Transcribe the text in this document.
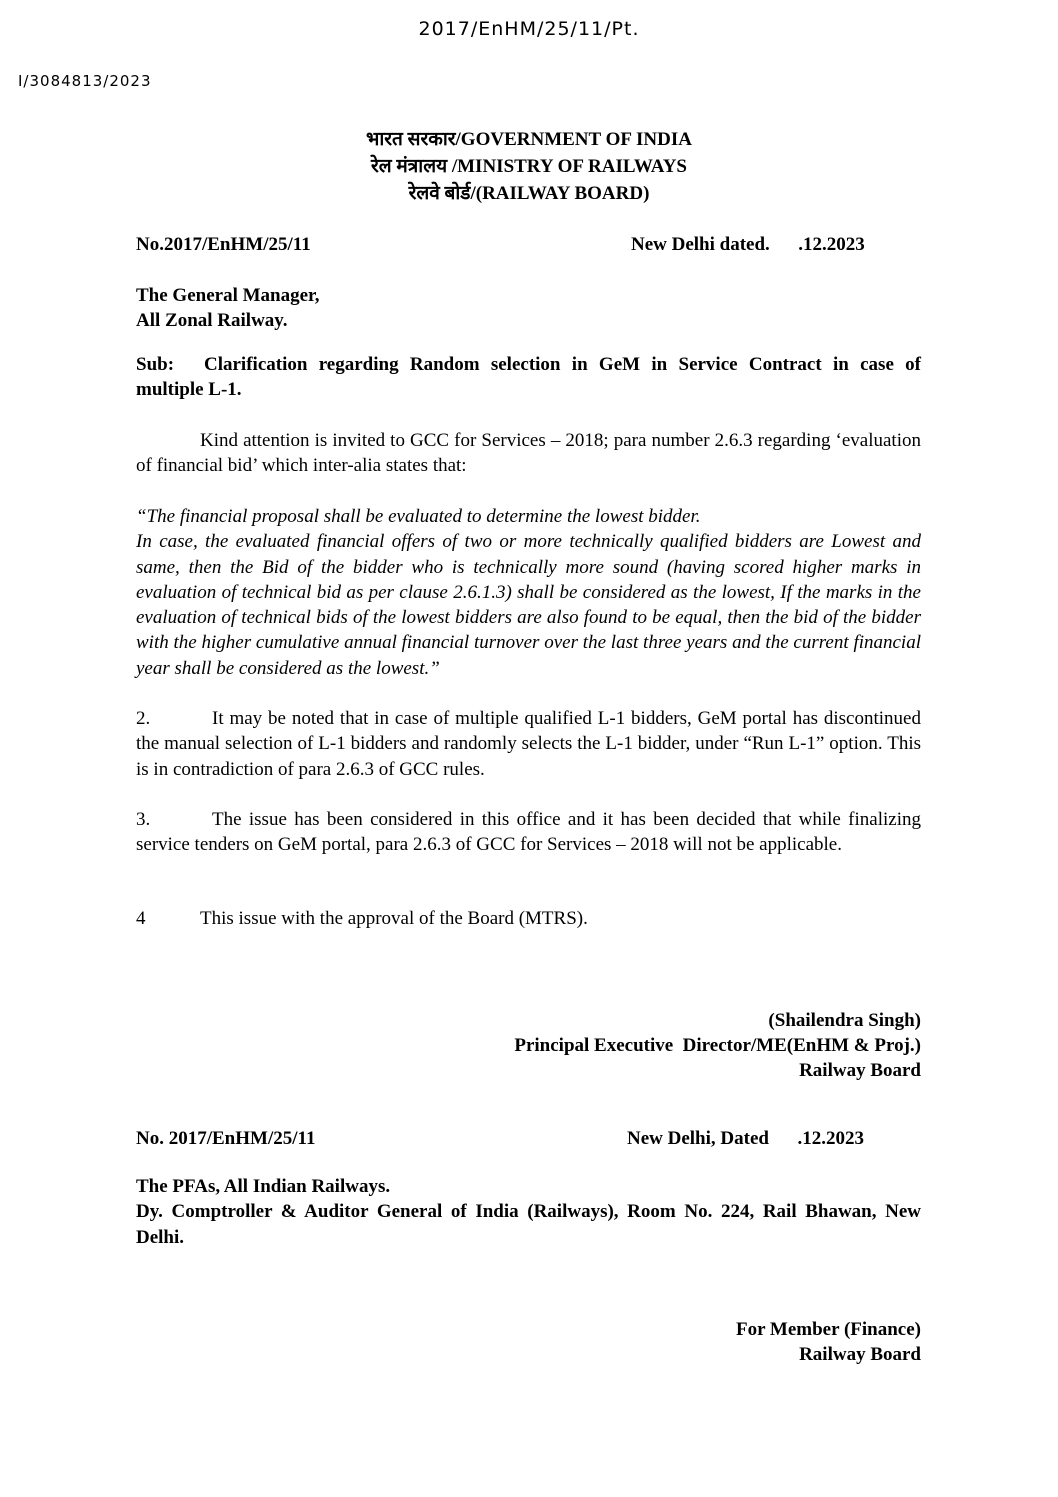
2017/EnHM/25/11/Pt.
I/3084813/2023
भारत सरकार/GOVERNMENT OF INDIA
रेल मंत्रालय /MINISTRY OF RAILWAYS
रेलवे बोर्ड/(RAILWAY BOARD)
No.2017/EnHM/25/11	New Delhi dated.      .12.2023
The General Manager,
All Zonal Railway.
Sub: Clarification regarding Random selection in GeM in Service Contract in case of multiple L-1.
Kind attention is invited to GCC for Services – 2018; para number 2.6.3 regarding ‘evaluation of financial bid’ which inter-alia states that:
“The financial proposal shall be evaluated to determine the lowest bidder.
In case, the evaluated financial offers of two or more technically qualified bidders are Lowest and same, then the Bid of the bidder who is technically more sound (having scored higher marks in evaluation of technical bid as per clause 2.6.1.3) shall be considered as the lowest, If the marks in the evaluation of technical bids of the lowest bidders are also found to be equal, then the bid of the bidder with the higher cumulative annual financial turnover over the last three years and the current financial year shall be considered as the lowest.”
2.	It may be noted that in case of multiple qualified L-1 bidders, GeM portal has discontinued the manual selection of L-1 bidders and randomly selects the L-1 bidder, under “Run L-1” option. This is in contradiction of para 2.6.3 of GCC rules.
3.	The issue has been considered in this office and it has been decided that while finalizing service tenders on GeM portal, para 2.6.3 of GCC for Services – 2018 will not be applicable.
4	This issue with the approval of the Board (MTRS).
(Shailendra Singh)
Principal Executive  Director/ME(EnHM & Proj.)
Railway Board
No. 2017/EnHM/25/11	New Delhi, Dated      .12.2023
The PFAs, All Indian Railways.
Dy. Comptroller & Auditor General of India (Railways), Room No. 224, Rail Bhawan, New Delhi.
For Member (Finance)
Railway Board
